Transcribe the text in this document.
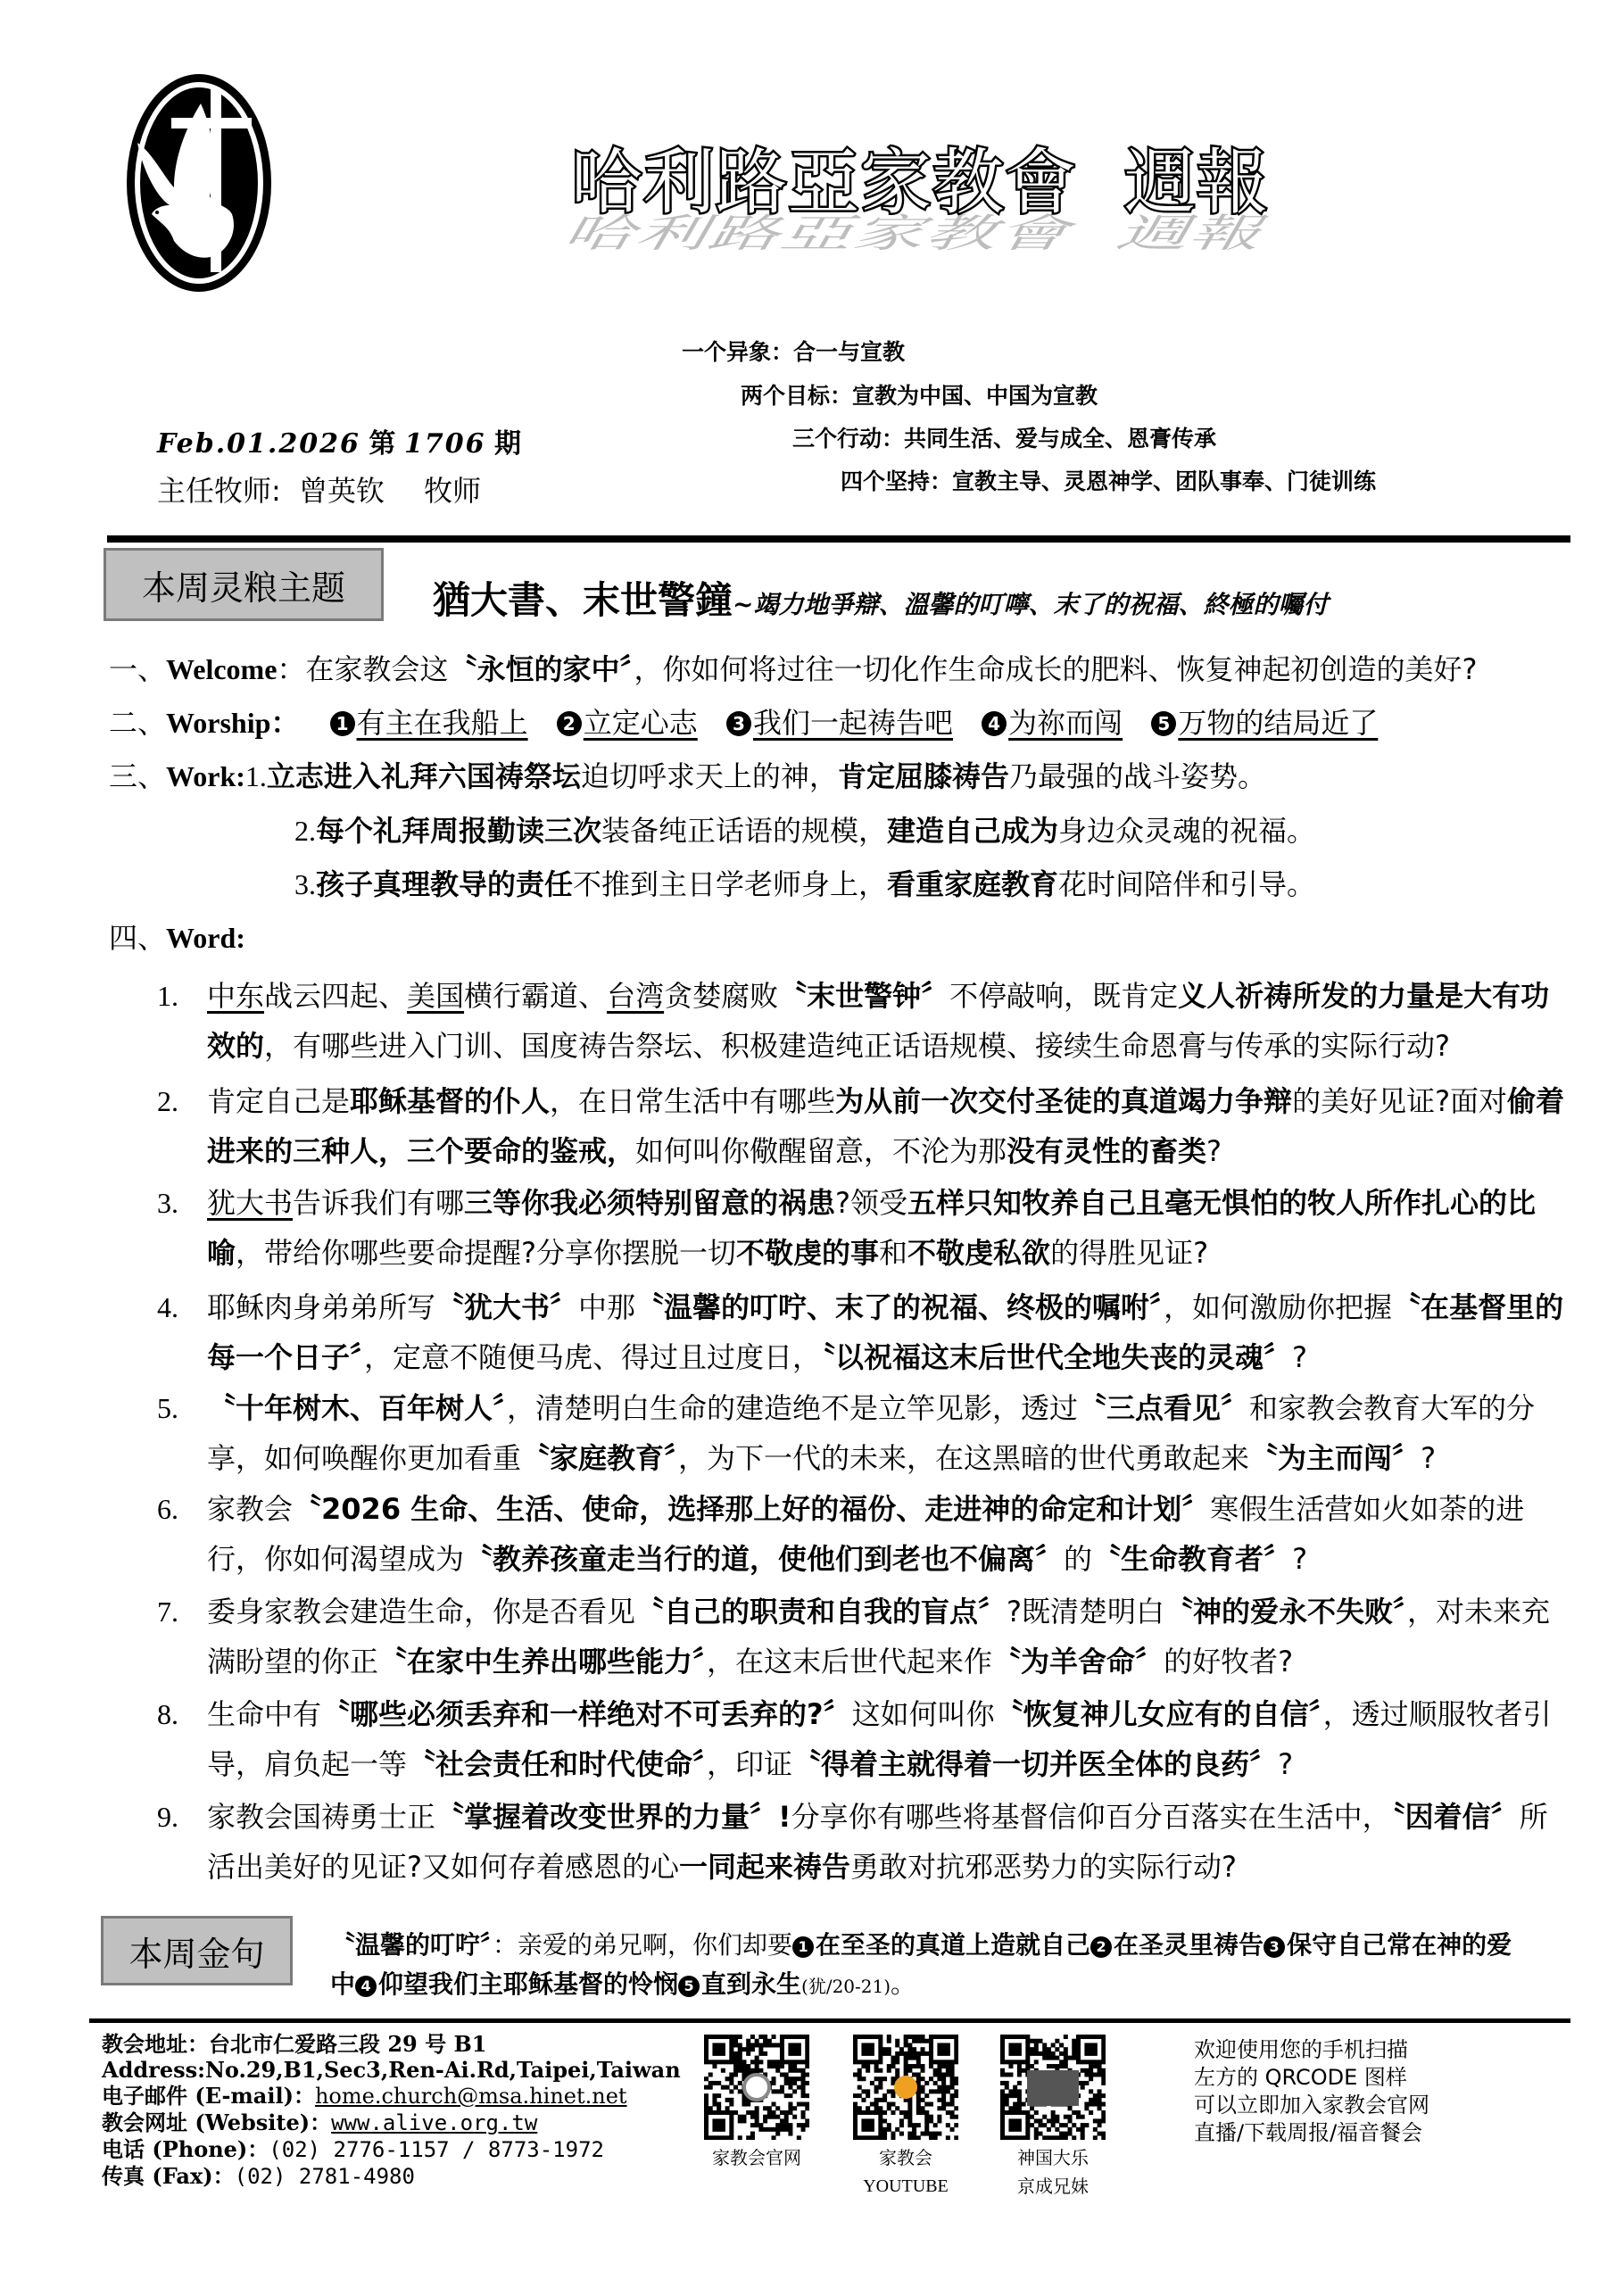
哈利路亞家教會  週報
哈利路亞家教會  週報
一个异象：合一与宣教
两个目标：宣教为中国、中国为宣教
三个行动：共同生活、爱与成全、恩膏传承
四个坚持：宣教主导、灵恩神学、团队事奉、门徒训练
Feb.01.2026 第 1706 期
主任牧师: 曾英钦 牧师
本周灵粮主题 猶大書、末世警鐘~竭力地爭辯、溫馨的叮嚀、末了的祝福、終極的囑付
一、Welcome：在家教会这〝永恒的家中〞，你如何将过往一切化作生命成长的肥料、恢复神起初创造的美好?
二、Worship： 1 有主在我船上 2 立定心志 3 我们一起祷告吧 4 为祢而闯 5 万物的结局近了
三、Work:1.立志进入礼拜六国祷祭坛迫切呼求天上的神，肯定屈膝祷告乃最强的战斗姿势。
2.每个礼拜周报勤读三次装备纯正话语的规模，建造自己成为身边众灵魂的祝福。
3.孩子真理教导的责任不推到主日学老师身上，看重家庭教育花时间陪伴和引导。
四、Word:
1. 中东战云四起、美国横行霸道、台湾贪婪腐败〝末世警钟〞不停敲响，既肯定义人祈祷所发的力量是大有功效的，有哪些进入门训、国度祷告祭坛、积极建造纯正话语规模、接续生命恩膏与传承的实际行动?
2. 肯定自己是耶稣基督的仆人，在日常生活中有哪些为从前一次交付圣徒的真道竭力争辩的美好见证?面对偷着进来的三种人，三个要命的鉴戒，如何叫你儆醒留意，不沦为那没有灵性的畜类?
3. 犹大书告诉我们有哪三等你我必须特别留意的祸患?领受五样只知牧养自己且毫无惧怕的牧人所作扎心的比喻，带给你哪些要命提醒?分享你摆脱一切不敬虔的事和不敬虔私欲的得胜见证?
4. 耶稣肉身弟弟所写〝犹大书〞中那〝温馨的叮咛、末了的祝福、终极的嘱咐〞，如何激励你把握〝在基督里的每一个日子〞，定意不随便马虎、得过且过度日，〝以祝福这末后世代全地失丧的灵魂〞?
5. 〝十年树木、百年树人〞，清楚明白生命的建造绝不是立竿见影，透过〝三点看见〞和家教会教育大军的分享，如何唤醒你更加看重〝家庭教育〞，为下一代的未来，在这黑暗的世代勇敢起来〝为主而闯〞?
6. 家教会〝2026 生命、生活、使命，选择那上好的福份、走进神的命定和计划〞寒假生活营如火如荼的进行，你如何渴望成为〝教养孩童走当行的道，使他们到老也不偏离〞的〝生命教育者〞?
7. 委身家教会建造生命，你是否看见〝自己的职责和自我的盲点〞?既清楚明白〝神的爱永不失败〞，对未来充满盼望的你正〝在家中生养出哪些能力〞，在这末后世代起来作〝为羊舍命〞的好牧者?
8. 生命中有〝哪些必须丢弃和一样绝对不可丢弃的?〞这如何叫你〝恢复神儿女应有的自信〞，透过顺服牧者引导，肩负起一等〝社会责任和时代使命〞，印证〝得着主就得着一切并医全体的良药〞?
9. 家教会国祷勇士正〝掌握着改变世界的力量〞!分享你有哪些将基督信仰百分百落实在生活中，〝因着信〞所活出美好的见证?又如何存着感恩的心一同起来祷告勇敢对抗邪恶势力的实际行动?
本周金句	〝温馨的叮咛〞：亲爱的弟兄啊，你们却要 1 在至圣的真道上造就自己 2 在圣灵里祷告 3 保守自己常在神的爱中 4 仰望我们主耶稣基督的怜悯 5 直到永生(犹/20-21)。
教会地址：台北市仁爱路三段 29 号 B1
Address:No.29,B1,Sec3,Ren-Ai.Rd,Taipei,Taiwan
电子邮件 (E-mail)：home.church@msa.hinet.net
教会网址 (Website)：www.alive.org.tw
电话 (Phone)：(02) 2776-1157 / 8773-1972
传真 (Fax)：(02) 2781-4980
家教会官网	家教会
YOUTUBE
神国大乐
京成兄妹
欢迎使用您的手机扫描
左方的 QRCODE 图样
可以立即加入家教会官网
直播/下载周报/福音餐会
